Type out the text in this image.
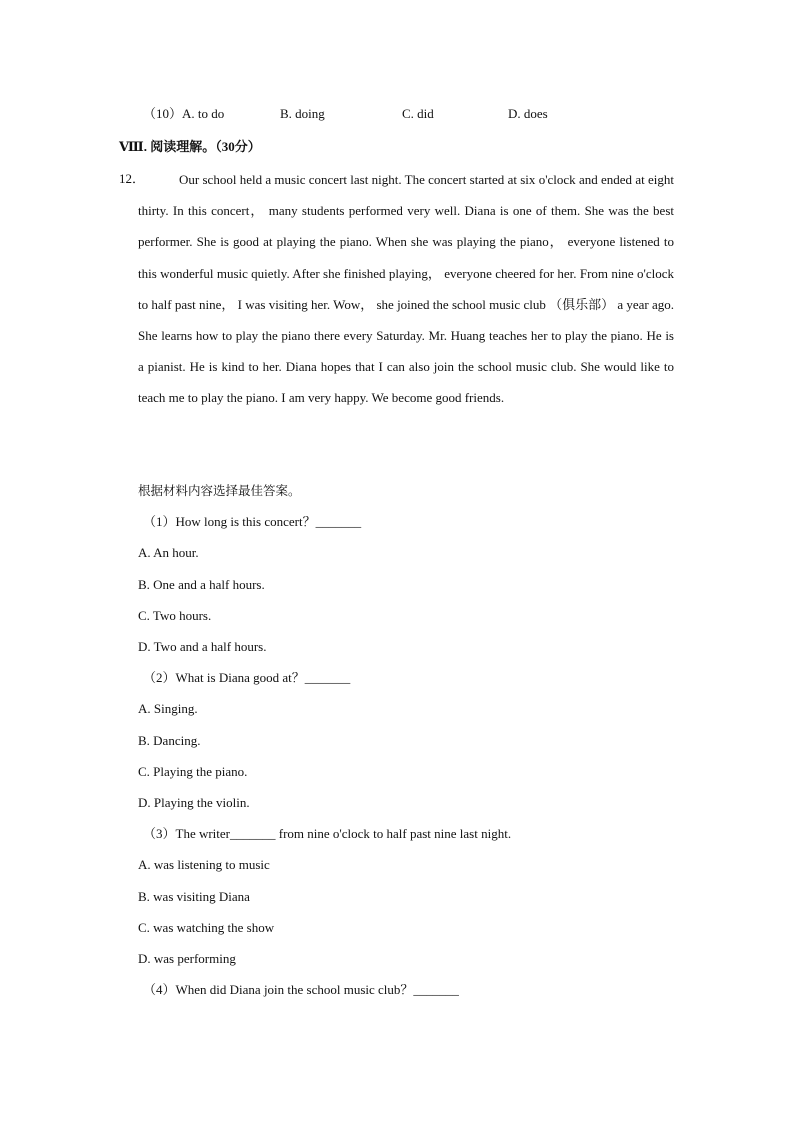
（10）A. to do	B. doing	C. did	D. does
Ⅷ. 阅读理解。（30分）
12．	Our school held a music concert last night. The concert started at six o'clock and ended at eight thirty. In this concert， many students performed very well. Diana is one of them. She was the best performer. She is good at playing the piano. When she was playing the piano， everyone listened to this wonderful music quietly. After she finished playing， everyone cheered for her. From nine o'clock to half past nine， I was visiting her. Wow， she joined the school music club （俱乐部） a year ago. She learns how to play the piano there every Saturday. Mr. Huang teaches her to play the piano. He is a pianist. He is kind to her. Diana hopes that I can also join the school music club. She would like to teach me to play the piano. I am very happy. We become good friends.

根据材料内容选择最佳答案。
（1）How long is this concert？_______
A. An hour.
B. One and a half hours.
C. Two hours.
D. Two and a half hours.
（2）What is Diana good at？_______
A. Singing.
B. Dancing.
C. Playing the piano.
D. Playing the violin.
（3）The writer_______ from nine o'clock to half past nine last night.
A. was listening to music
B. was visiting Diana
C. was watching the show
D. was performing
（4）When did Diana join the school music club？_______
